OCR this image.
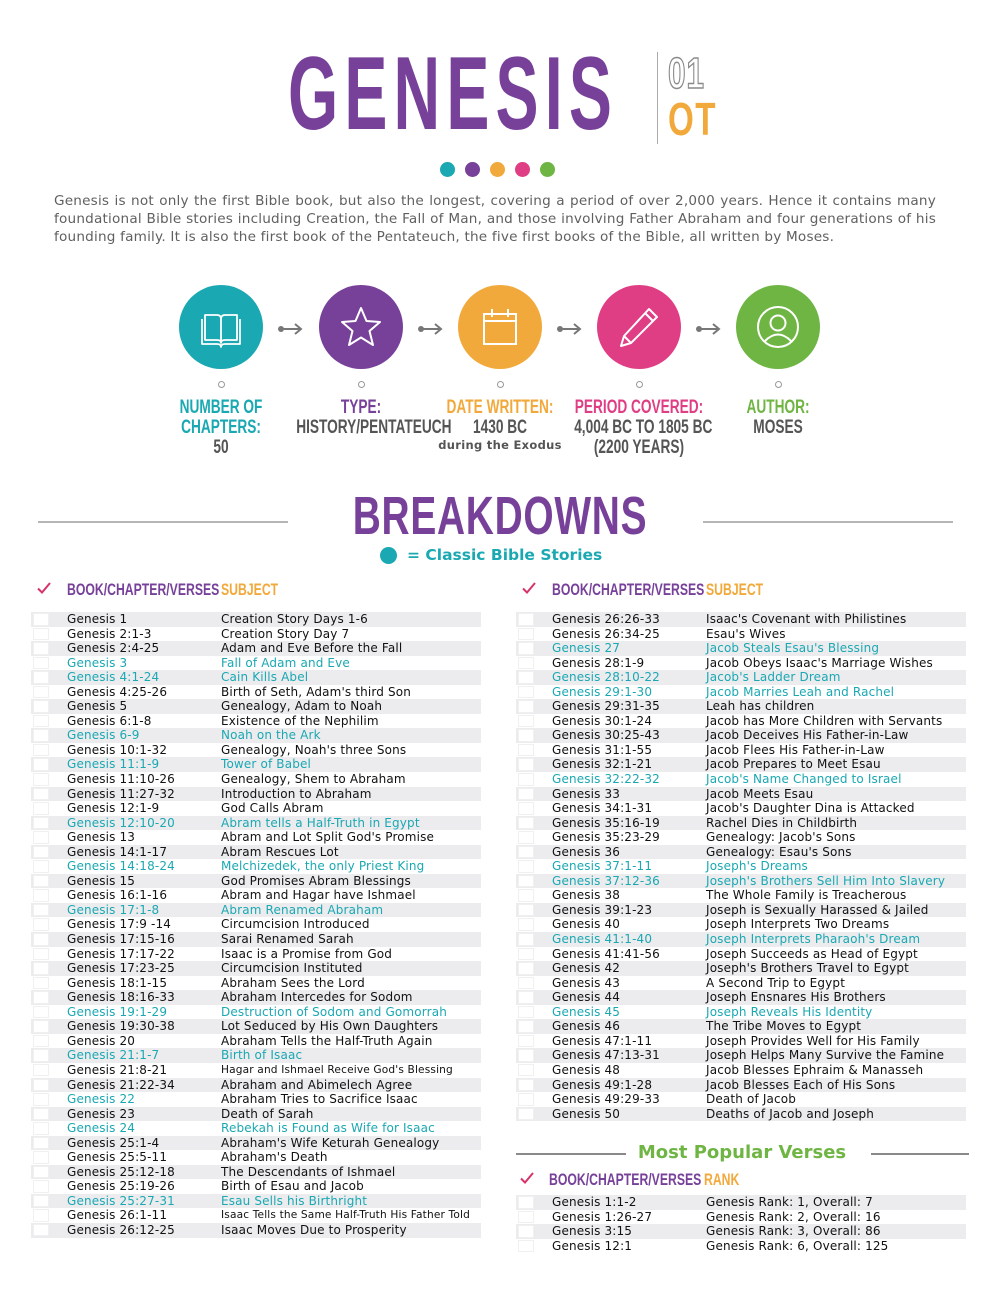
GENESIS 01
OT

Genesis is not only the first Bible book, but also the longest, covering a period of over 2,000 years. Hence it contains many foundational Bible stories including Creation, the Fall of Man, and those involving Father Abraham and four generations of his founding family. It is also the first book of the Pentateuch, the five first books of the Bible, all written by Moses.

NUMBER OF
CHAPTERS:
50
TYPE:
HISTORY/PENTATEUCH
DATE WRITTEN:
1430 BC
during the Exodus
PERIOD COVERED:
4,004 BC TO 1805 BC
(2200 YEARS)
AUTHOR:
MOSES
BREAKDOWNS
= Classic Bible Stories
BOOK/CHAPTER/VERSES SUBJECT	BOOK/CHAPTER/VERSES SUBJECT
Genesis 1	Creation Story Days 1-6
Genesis 2:1-3	Creation Story Day 7
Genesis 2:4-25	Adam and Eve Before the Fall
Genesis 3	Fall of Adam and Eve
Genesis 4:1-24	Cain Kills Abel
Genesis 4:25-26	Birth of Seth, Adam's third Son
Genesis 5	Genealogy, Adam to Noah
Genesis 6:1-8	Existence of the Nephilim
Genesis 6-9	Noah on the Ark
Genesis 10:1-32	Genealogy, Noah's three Sons
Genesis 11:1-9	Tower of Babel
Genesis 11:10-26	Genealogy, Shem to Abraham
Genesis 11:27-32	Introduction to Abraham
Genesis 12:1-9	God Calls Abram
Genesis 12:10-20	Abram tells a Half-Truth in Egypt
Genesis 13	Abram and Lot Split God's Promise
Genesis 14:1-17	Abram Rescues Lot
Genesis 14:18-24	Melchizedek, the only Priest King
Genesis 15	God Promises Abram Blessings
Genesis 16:1-16	Abram and Hagar have Ishmael
Genesis 17:1-8	Abram Renamed Abraham
Genesis 17:9 -14	Circumcision Introduced
Genesis 17:15-16	Sarai Renamed Sarah
Genesis 17:17-22	Isaac is a Promise from God
Genesis 17:23-25	Circumcision Instituted
Genesis 18:1-15	Abraham Sees the Lord
Genesis 18:16-33	Abraham Intercedes for Sodom
Genesis 19:1-29	Destruction of Sodom and Gomorrah
Genesis 19:30-38	Lot Seduced by His Own Daughters
Genesis 20	Abraham Tells the Half-Truth Again
Genesis 21:1-7	Birth of Isaac
Genesis 21:8-21	Hagar and Ishmael Receive God's Blessing
Genesis 21:22-34	Abraham and Abimelech Agree
Genesis 22	Abraham Tries to Sacrifice Isaac
Genesis 23	Death of Sarah
Genesis 24	Rebekah is Found as Wife for Isaac
Genesis 25:1-4	Abraham's Wife Keturah Genealogy
Genesis 25:5-11	Abraham's Death
Genesis 25:12-18	The Descendants of Ishmael
Genesis 25:19-26	Birth of Esau and Jacob
Genesis 25:27-31	Esau Sells his Birthright
Genesis 26:1-11	Isaac Tells the Same Half-Truth His Father Told
Genesis 26:12-25	Isaac Moves Due to Prosperity
Genesis 26:26-33	Isaac's Covenant with Philistines
Genesis 26:34-25	Esau's Wives
Genesis 27	Jacob Steals Esau's Blessing
Genesis 28:1-9	Jacob Obeys Isaac's Marriage Wishes
Genesis 28:10-22	Jacob's Ladder Dream
Genesis 29:1-30	Jacob Marries Leah and Rachel
Genesis 29:31-35	Leah has children
Genesis 30:1-24	Jacob has More Children with Servants
Genesis 30:25-43	Jacob Deceives His Father-in-Law
Genesis 31:1-55	Jacob Flees His Father-in-Law
Genesis 32:1-21	Jacob Prepares to Meet Esau
Genesis 32:22-32	Jacob's Name Changed to Israel
Genesis 33	Jacob Meets Esau
Genesis 34:1-31	Jacob's Daughter Dina is Attacked
Genesis 35:16-19	Rachel Dies in Childbirth
Genesis 35:23-29	Genealogy: Jacob's Sons
Genesis 36	Genealogy: Esau's Sons
Genesis 37:1-11	Joseph's Dreams
Genesis 37:12-36	Joseph's Brothers Sell Him Into Slavery
Genesis 38	The Whole Family is Treacherous
Genesis 39:1-23	Joseph is Sexually Harassed & Jailed
Genesis 40	Joseph Interprets Two Dreams
Genesis 41:1-40	Joseph Interprets Pharaoh's Dream
Genesis 41:41-56	Joseph Succeeds as Head of Egypt
Genesis 42	Joseph's Brothers Travel to Egypt
Genesis 43	A Second Trip to Egypt
Genesis 44	Joseph Ensnares His Brothers
Genesis 45	Joseph Reveals His Identity
Genesis 46	The Tribe Moves to Egypt
Genesis 47:1-11	Joseph Provides Well for His Family
Genesis 47:13-31	Joseph Helps Many Survive the Famine
Genesis 48	Jacob Blesses Ephraim & Manasseh
Genesis 49:1-28	Jacob Blesses Each of His Sons
Genesis 49:29-33	Death of Jacob
Genesis 50	Deaths of Jacob and Joseph
Most Popular Verses
BOOK/CHAPTER/VERSES RANK
Genesis 1:1-2	Genesis Rank: 1, Overall: 7
Genesis 1:26-27	Genesis Rank: 2, Overall: 16
Genesis 3:15	Genesis Rank: 3, Overall: 86
Genesis 12:1	Genesis Rank: 6, Overall: 125
